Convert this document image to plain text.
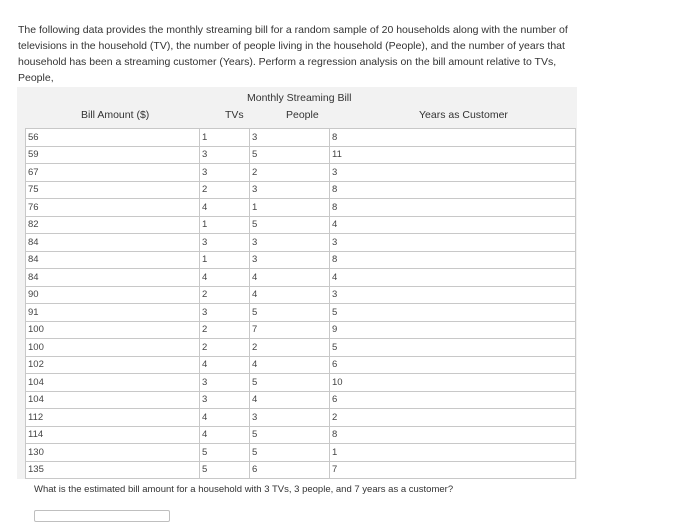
The following data provides the monthly streaming bill for a random sample of 20 households along with the number of

televisions in the household (TV), the number of people living in the household (People), and the number of years that

household has been a streaming customer (Years). Perform a regression analysis on the bill amount relative to TVs, People,

Monthly Streaming Bill
Bill Amount ($)	TVs	People	Years as Customer
56	1	3	8
59	3	5	11
67	3	2	3
75	2	3	8
76	4	1	8
82	1	5	4
84	3	3	3
84	1	3	8
84	4	4	4
90	2	4	3
91	3	5	5
100	2	7	9
100	2	2	5
102	4	4	6
104	3	5	10
104	3	4	6
112	4	3	2
114	4	5	8
130	5	5	1
135	5	6	7
What is the estimated bill amount for a household with 3 TVs, 3 people, and 7 years as a customer?
